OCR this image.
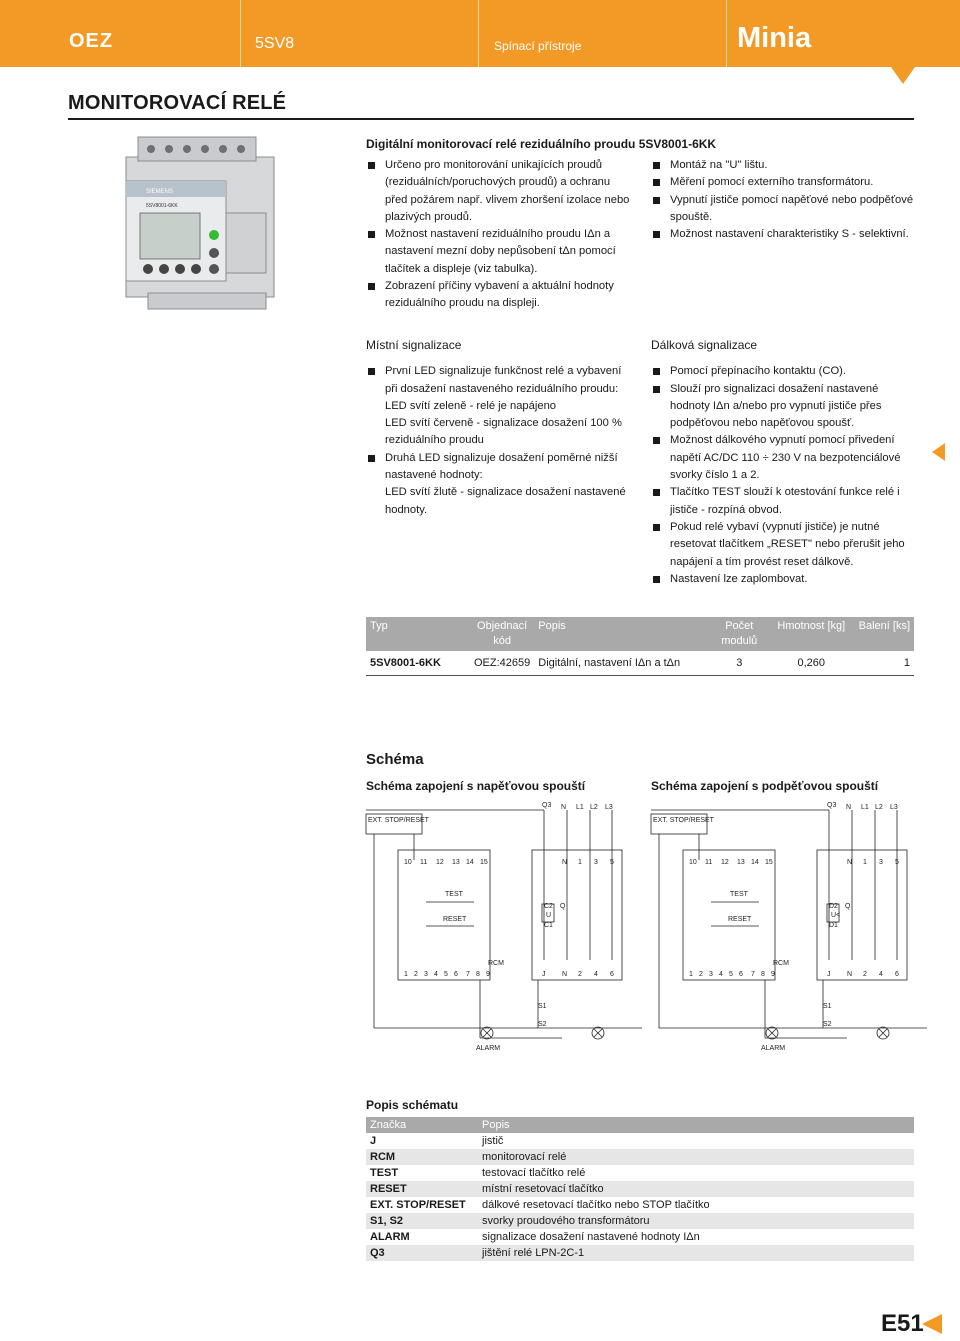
OEZ	5SV8	Spínací přístroje	Minia
MONITOROVACÍ RELÉ
Digitální monitorovací relé reziduálního proudu 5SV8001-6KK
SIEMENS
5SV8001-6KK
Určeno pro monitorování unikajících proudů (reziduálních/poruchových proudů) a ochranu před požárem např. vlivem zhoršení izolace nebo plazivých proudů.
Možnost nastavení reziduálního proudu IΔn a nastavení mezní doby nepůsobení tΔn pomocí tlačítek a displeje (viz tabulka).
Zobrazení příčiny vybavení a aktuální hodnoty reziduálního proudu na displeji.
Montáž na "U" lištu.
Měření pomocí externího transformátoru.
Vypnutí jističe pomocí napěťové nebo podpěťové spouště.
Možnost nastavení charakteristiky S - selektivní.
Místní signalizace
První LED signalizuje funkčnost relé a vybavení při dosažení nastaveného reziduálního proudu:
LED svítí zeleně - relé je napájeno
LED svítí červeně - signalizace dosažení 100 % reziduálního proudu
Druhá LED signalizuje dosažení poměrné nižší nastavené hodnoty:
LED svítí žlutě - signalizace dosažení nastavené hodnoty.
Dálková signalizace
Pomocí přepínacího kontaktu (CO).
Slouží pro signalizaci dosažení nastavené hodnoty IΔn a/nebo pro vypnutí jističe přes podpěťovou nebo napěťovou spoušť.
Možnost dálkového vypnutí pomocí přivedení napětí AC/DC 110 ÷ 230 V na bezpotenciálové svorky číslo 1 a 2.
Tlačítko TEST slouží k otestování funkce relé i jističe - rozpíná obvod.
Pokud relé vybaví (vypnutí jističe) je nutné resetovat tlačítkem „RESET" nebo přerušit jeho napájení a tím provést reset dálkově.
Nastavení lze zaplombovat.
Typ	Objednací kód	Popis	Počet modulů	Hmotnost [kg]	Balení [ks]
5SV8001-6KK	OEZ:42659	Digitální, nastavení IΔn a tΔn	3	0,260	1
Schéma
Schéma zapojení s napěťovou spouští	Schéma zapojení s podpěťovou spouští
Q3 N L1 L2 L3
EXT. STOP/RESET
10 11 12 13 14 15	N 1 3 5
TEST
RESET
C2 Q
U
C1
RCM
1 2 3 4 5 6 7 8 9	J N 2 4 6
S1
S2
ALARM
Q3 N L1 L2 L3
EXT. STOP/RESET
10 11 12 13 14 15	N 1 3 5
TEST
RESET
D2 Q
U<
D1
RCM
1 2 3 4 5 6 7 8 9	J N 2 4 6
S1
S2
ALARM
Popis schématu
Značka	Popis
J	jistič
RCM	monitorovací relé
TEST	testovací tlačítko relé
RESET	místní resetovací tlačítko
EXT. STOP/RESET	dálkové resetovací tlačítko nebo STOP tlačítko
S1, S2	svorky proudového transformátoru
ALARM	signalizace dosažení nastavené hodnoty IΔn
Q3	jištění relé LPN-2C-1
E51
